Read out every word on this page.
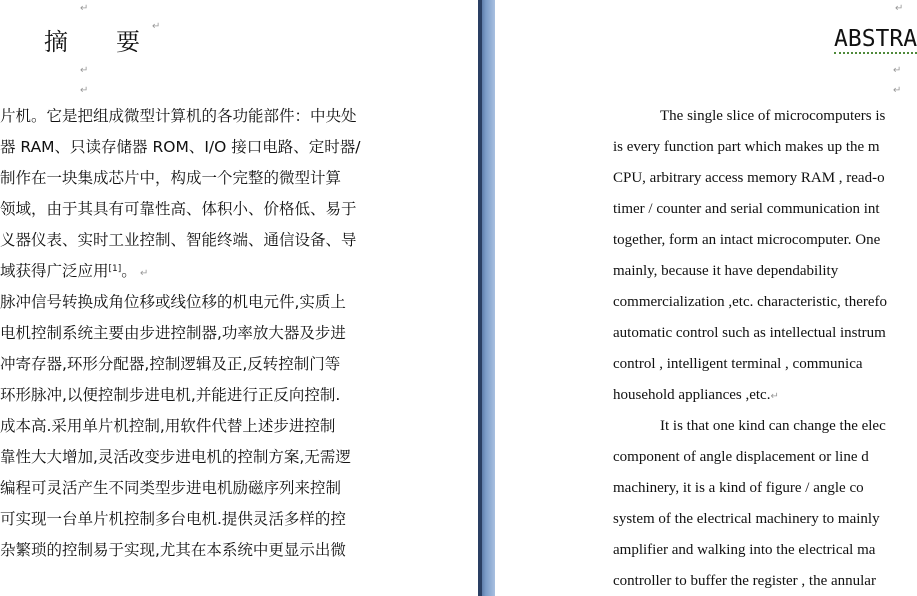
↵
摘　要↵
↵
↵
片机。它是把组成微型计算机的各功能部件：中央处
器 RAM、只读存储器 ROM、I/O 接口电路、定时器/
制作在一块集成芯片中，构成一个完整的微型计算
领域，由于其具有可靠性高、体积小、价格低、易于
义器仪表、实时工业控制、智能终端、通信设备、导
域获得广泛应用[1]。 ↵
脉冲信号转换成角位移或线位移的机电元件,实质上
电机控制系统主要由步进控制器,功率放大器及步进
冲寄存器,环形分配器,控制逻辑及正,反转控制门等
环形脉冲,以便控制步进电机,并能进行正反向控制.
成本高.采用单片机控制,用软件代替上述步进控制
靠性大大增加,灵活改变步进电机的控制方案,无需逻
编程可灵活产生不同类型步进电机励磁序列来控制
可实现一台单片机控制多台电机.提供灵活多样的控
杂繁琐的控制易于实现,尤其在本系统中更显示出微
↵
ABSTRA
↵
↵
The single slice of microcomputers is
is every function part which makes up the m
CPU, arbitrary access memory RAM , read-o
timer / counter and serial communication int
together, form an intact microcomputer. One
mainly, because it have dependability
commercialization ,etc. characteristic, therefo
automatic control such as intellectual instrum
control , intelligent terminal , communica
household appliances ,etc.↵
It is that one kind can change the elec
component of angle displacement or line d
machinery, it is a kind of figure / angle co
system of the electrical machinery to mainly
amplifier and walking into the electrical ma
controller to buffer the register , the annular
